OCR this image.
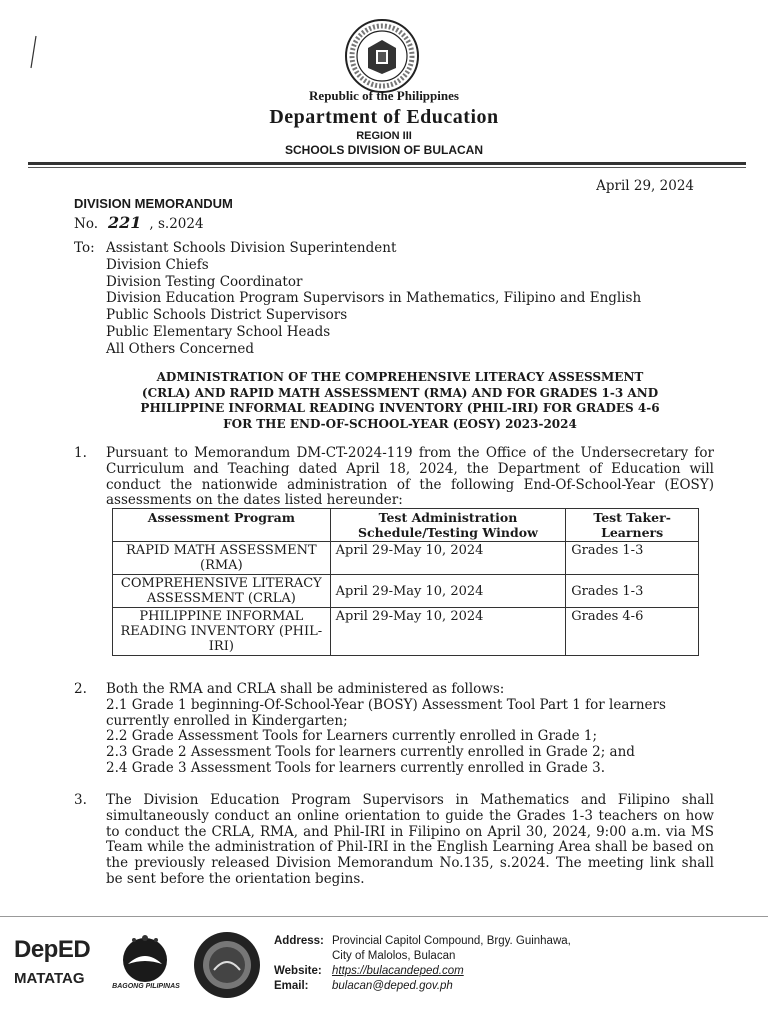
Republic of the Philippines
Department of Education
REGION III
SCHOOLS DIVISION OF BULACAN
April 29, 2024
DIVISION MEMORANDUM
No. 221 , s.2024
To: Assistant Schools Division Superintendent
Division Chiefs
Division Testing Coordinator
Division Education Program Supervisors in Mathematics, Filipino and English
Public Schools District Supervisors
Public Elementary School Heads
All Others Concerned
ADMINISTRATION OF THE COMPREHENSIVE LITERACY ASSESSMENT
(CRLA) AND RAPID MATH ASSESSMENT (RMA) AND FOR GRADES 1-3 AND
PHILIPPINE INFORMAL READING INVENTORY (PHIL-IRI) FOR GRADES 4-6
FOR THE END-OF-SCHOOL-YEAR (EOSY) 2023-2024
1.	Pursuant to Memorandum DM-CT-2024-119 from the Office of the Undersecretary for Curriculum and Teaching dated April 18, 2024, the Department of Education will conduct the nationwide administration of the following End-Of-School-Year (EOSY) assessments on the dates listed hereunder:
Assessment Program	Test Administration Schedule/Testing Window	Test Taker-Learners
RAPID MATH ASSESSMENT (RMA)	April 29-May 10, 2024	Grades 1-3
COMPREHENSIVE LITERACY ASSESSMENT (CRLA)	April 29-May 10, 2024	Grades 1-3
PHILIPPINE INFORMAL READING INVENTORY (PHIL-IRI)	April 29-May 10, 2024	Grades 4-6
2.	Both the RMA and CRLA shall be administered as follows:
2.1 Grade 1 beginning-Of-School-Year (BOSY) Assessment Tool Part 1 for learners currently enrolled in Kindergarten;
2.2 Grade Assessment Tools for Learners currently enrolled in Grade 1;
2.3 Grade 2 Assessment Tools for learners currently enrolled in Grade 2; and
2.4 Grade 3 Assessment Tools for learners currently enrolled in Grade 3.
3.	The Division Education Program Supervisors in Mathematics and Filipino shall simultaneously conduct an online orientation to guide the Grades 1-3 teachers on how to conduct the CRLA, RMA, and Phil-IRI in Filipino on April 30, 2024, 9:00 a.m. via MS Team while the administration of Phil-IRI in the English Learning Area shall be based on the previously released Division Memorandum No.135, s.2024. The meeting link shall be sent before the orientation begins.
DepED
MATATAG	BAGONG PILIPINAS
Address: Provincial Capitol Compound, Brgy. Guinhawa,
City of Malolos, Bulacan
Website: https://bulacandeped.com
Email:	bulacan@deped.gov.ph
